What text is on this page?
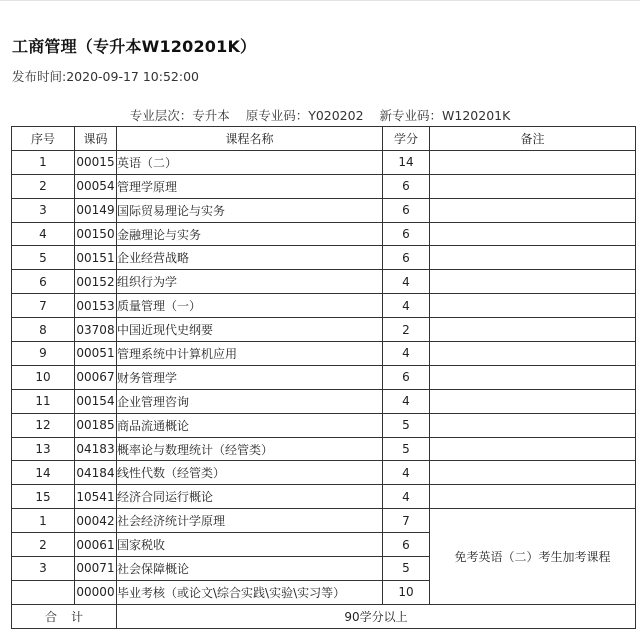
工商管理（专升本W120201K）
发布时间:2020-09-17 10:52:00
专业层次：专升本 原专业码：Y020202 新专业码：W120201K
序号	课码	课程名称	学分	备注
1	00015	英语（二）	14	
2	00054	管理学原理	6	
3	00149	国际贸易理论与实务	6	
4	00150	金融理论与实务	6	
5	00151	企业经营战略	6	
6	00152	组织行为学	4	
7	00153	质量管理（一）	4	
8	03708	中国近现代史纲要	2	
9	00051	管理系统中计算机应用	4	
10	00067	财务管理学	6	
11	00154	企业管理咨询	4	
12	00185	商品流通概论	5	
13	04183	概率论与数理统计（经管类）	5	
14	04184	线性代数（经管类）	4	
15	10541	经济合同运行概论	4	
1	00042	社会经济统计学原理	7	免考英语（二）考生加考课程
2	00061	国家税收	6	
3	00071	社会保障概论	5	
	00000	毕业考核（或论文\综合实践\实验\实习等）	10	
合计		90学分以上		
